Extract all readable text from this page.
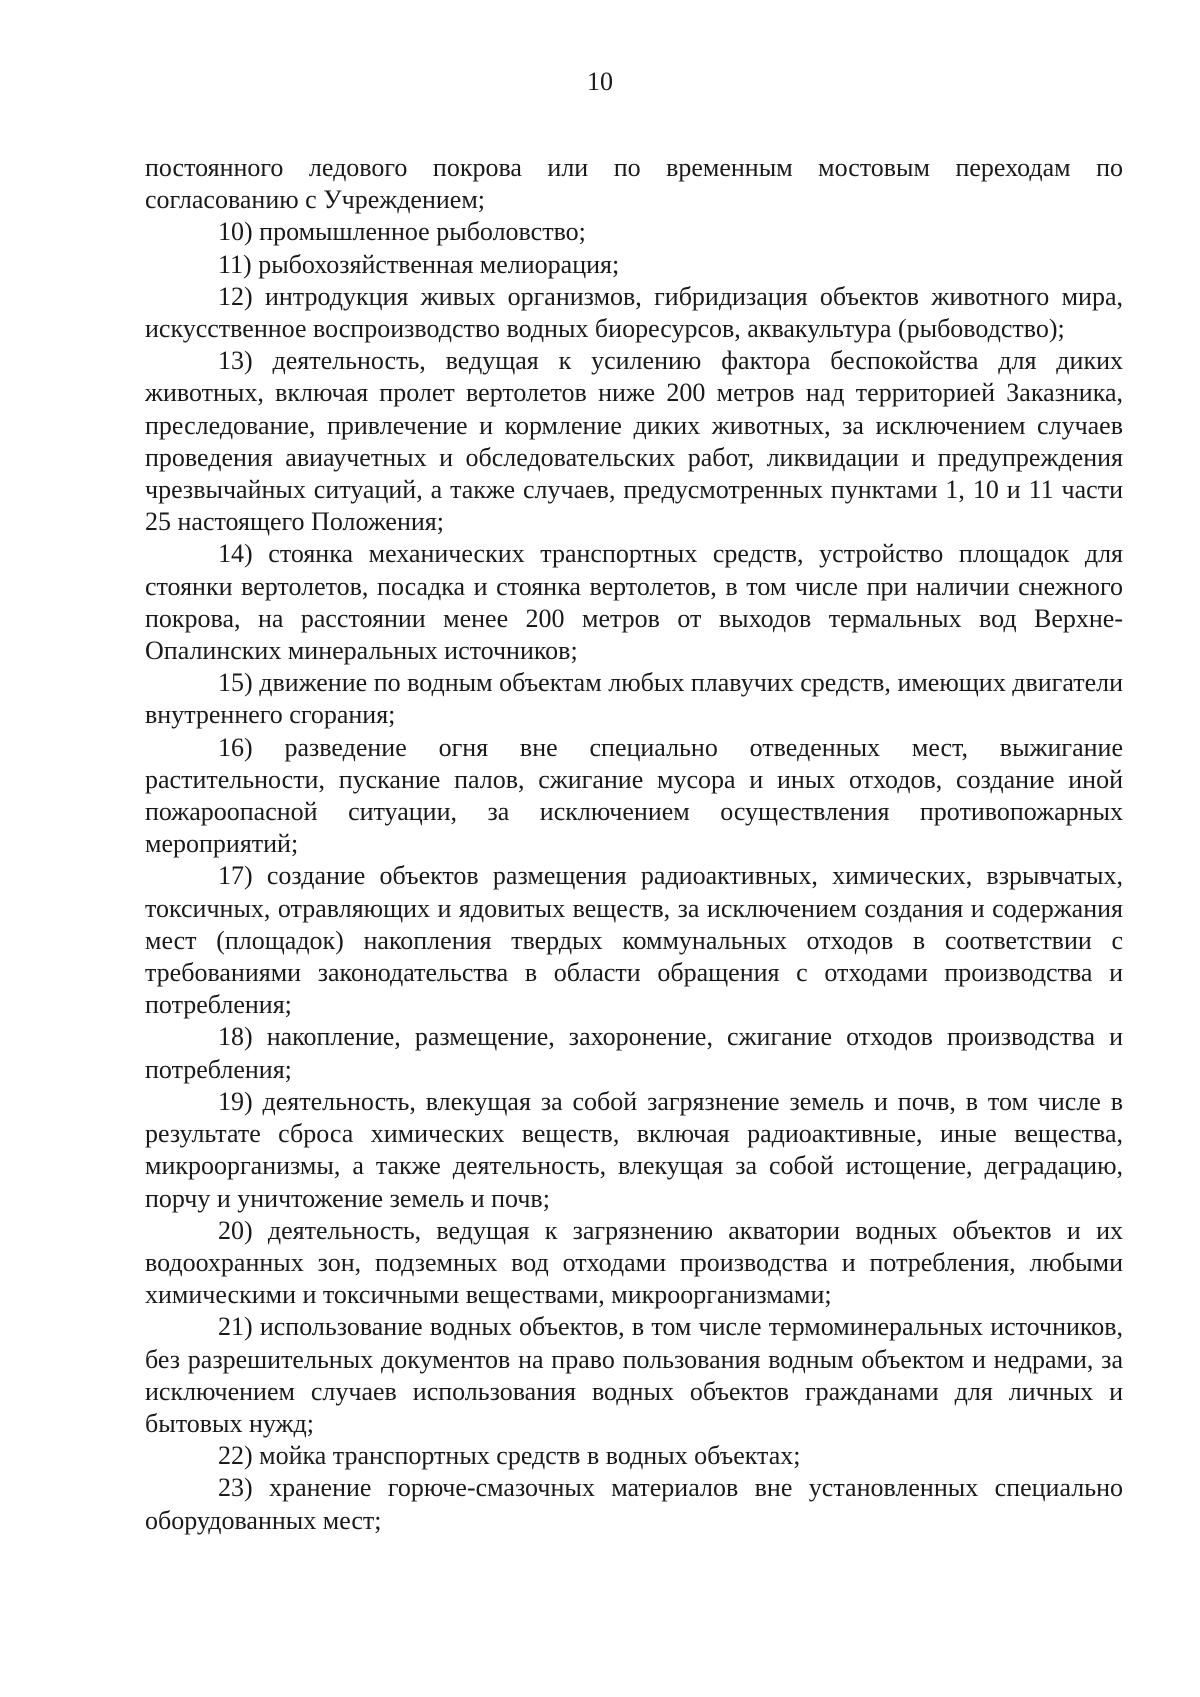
10

постоянного ледового покрова или по временным мостовым переходам по согласованию с Учреждением;

10) промышленное рыболовство;

11) рыбохозяйственная мелиорация;

12) интродукция живых организмов, гибридизация объектов животного мира, искусственное воспроизводство водных биоресурсов, аквакультура (рыбоводство);

13) деятельность, ведущая к усилению фактора беспокойства для диких животных, включая пролет вертолетов ниже 200 метров над территорией Заказника, преследование, привлечение и кормление диких животных, за исключением случаев проведения авиаучетных и обследовательских работ, ликвидации и предупреждения чрезвычайных ситуаций, а также случаев, предусмотренных пунктами 1, 10 и 11 части 25 настоящего Положения;

14) стоянка механических транспортных средств, устройство площадок для стоянки вертолетов, посадка и стоянка вертолетов, в том числе при наличии снежного покрова, на расстоянии менее 200 метров от выходов термальных вод Верхне-Опалинских минеральных источников;

15) движение по водным объектам любых плавучих средств, имеющих двигатели внутреннего сгорания;

16) разведение огня вне специально отведенных мест, выжигание растительности, пускание палов, сжигание мусора и иных отходов, создание иной пожароопасной ситуации, за исключением осуществления противопожарных мероприятий;

17) создание объектов размещения радиоактивных, химических, взрывчатых, токсичных, отравляющих и ядовитых веществ, за исключением создания и содержания мест (площадок) накопления твердых коммунальных отходов в соответствии с требованиями законодательства в области обращения с отходами производства и потребления;

18) накопление, размещение, захоронение, сжигание отходов производства и потребления;

19) деятельность, влекущая за собой загрязнение земель и почв, в том числе в результате сброса химических веществ, включая радиоактивные, иные вещества, микроорганизмы, а также деятельность, влекущая за собой истощение, деградацию, порчу и уничтожение земель и почв;

20) деятельность, ведущая к загрязнению акватории водных объектов и их водоохранных зон, подземных вод отходами производства и потребления, любыми химическими и токсичными веществами, микроорганизмами;

21) использование водных объектов, в том числе термоминеральных источников, без разрешительных документов на право пользования водным объектом и недрами, за исключением случаев использования водных объектов гражданами для личных и бытовых нужд;

22) мойка транспортных средств в водных объектах;

23) хранение горюче-смазочных материалов вне установленных специально оборудованных мест;
